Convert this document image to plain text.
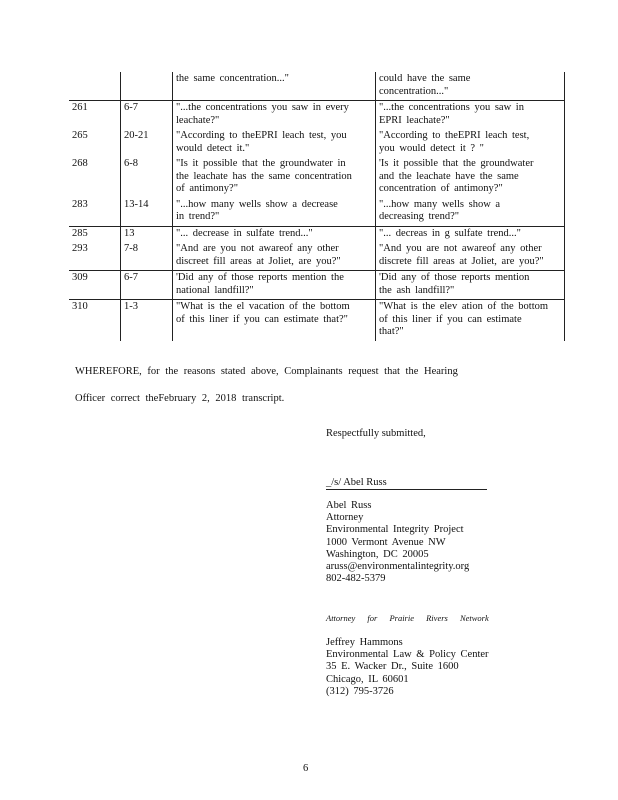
		the same concentration..."	could have the same
concentration..."

261	6-7	"...the concentrations you saw in every
leachate?"	"...the concentrations you saw in
EPRI leachate?"

265	20-21	"According to theEPRI leach test, you
would detect it."	"According to theEPRI leach test,
you would detect it ? "

268	6-8	"Is it possible that the groundwater in
the leachate has the same concentration
of antimony?"	'Is it possible that the groundwater
and the leachate have the same
concentration of antimony?"

283	13-14	"...how many wells show a decrease
in trend?"	"...how many wells show a
decreasing trend?"

285	13	"... decrease in sulfate trend..."	"... decreas in g sulfate trend..."

293	7-8	"And are you not awareof any other
discreet fill areas at Joliet, are you?"	"And you are not awareof any other
discrete fill areas at Joliet, are you?"

309	6-7	'Did any of those reports mention the
national landfill?"	'Did any of those reports mention
the ash landfill?"

310	1-3	"What is the el vacation of the bottom
of this liner if you can estimate that?"	"What is the elev ation of the bottom
of this liner if you can estimate
that?"
WHEREFORE, for the reasons stated above, Complainants request that the Hearing
Officer correct theFebruary 2, 2018 transcript.
Respectfully submitted,
_/s/ Abel Russ
Abel Russ
Attorney
Environmental Integrity Project
1000 Vermont Avenue NW
Washington, DC 20005
aruss@environmentalintegrity.org
802-482-5379
Attorney for Prairie Rivers Network
Jeffrey Hammons
Environmental Law & Policy Center
35 E. Wacker Dr., Suite 1600
Chicago, IL 60601
(312) 795-3726
6
